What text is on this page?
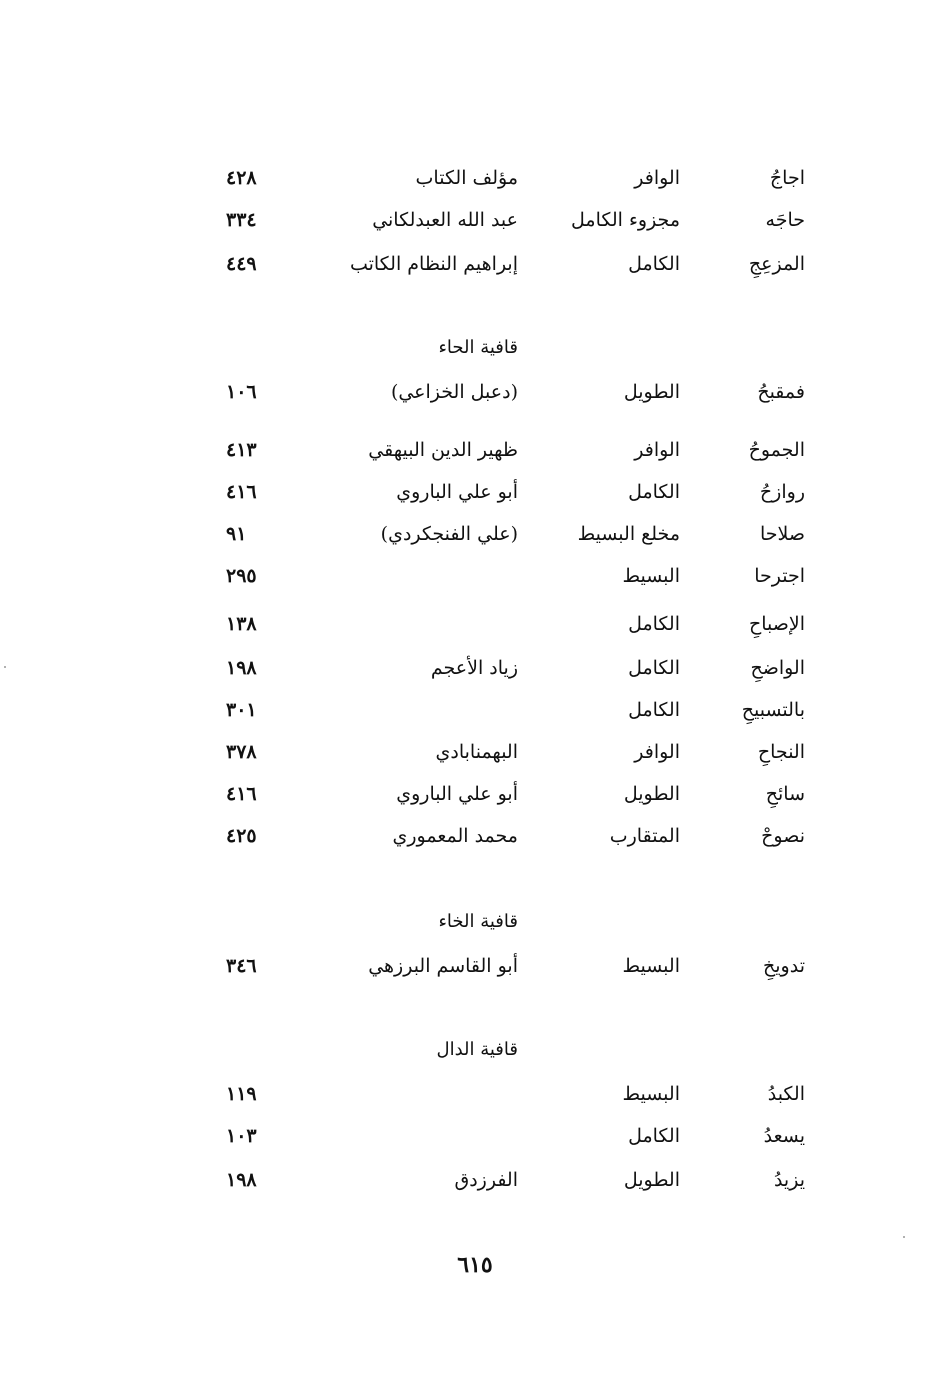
اجاجُ
الوافر
مؤلف الكتاب
٤٢٨
حاجَه
مجزوء الكامل
عبد الله العبدلكاني
٣٣٤
المزعِجِ
الكامل
إبراهيم النظام الكاتب
٤٤٩
قافية الحاء
فمقبحُ
الطويل
(دعبل الخزاعي)
١٠٦
الجموحُ
الوافر
ظهير الدين البيهقي
٤١٣
روازحُ
الكامل
أبو علي الباروي
٤١٦
صلاحا
مخلع البسيط
(علي الفنجكردي)
٩١
اجترحا
البسيط
٢٩٥
الإصباحِ
الكامل
١٣٨
الواضحِ
الكامل
زياد الأعجم
١٩٨
بالتسبيحِ
الكامل
٣٠١
النجاحِ
الوافر
البهمنابادي
٣٧٨
سائحِ
الطويل
أبو علي الباروي
٤١٦
نصوحْ
المتقارب
محمد المعموري
٤٢٥
قافية الخاء
تدويخِ
البسيط
أبو القاسم البرزهي
٣٤٦
قافية الدال
الكبدُ
البسيط
١١٩
يسعدُ
الكامل
١٠٣
يزيدُ
الطويل
الفرزدق
١٩٨
٦١٥
